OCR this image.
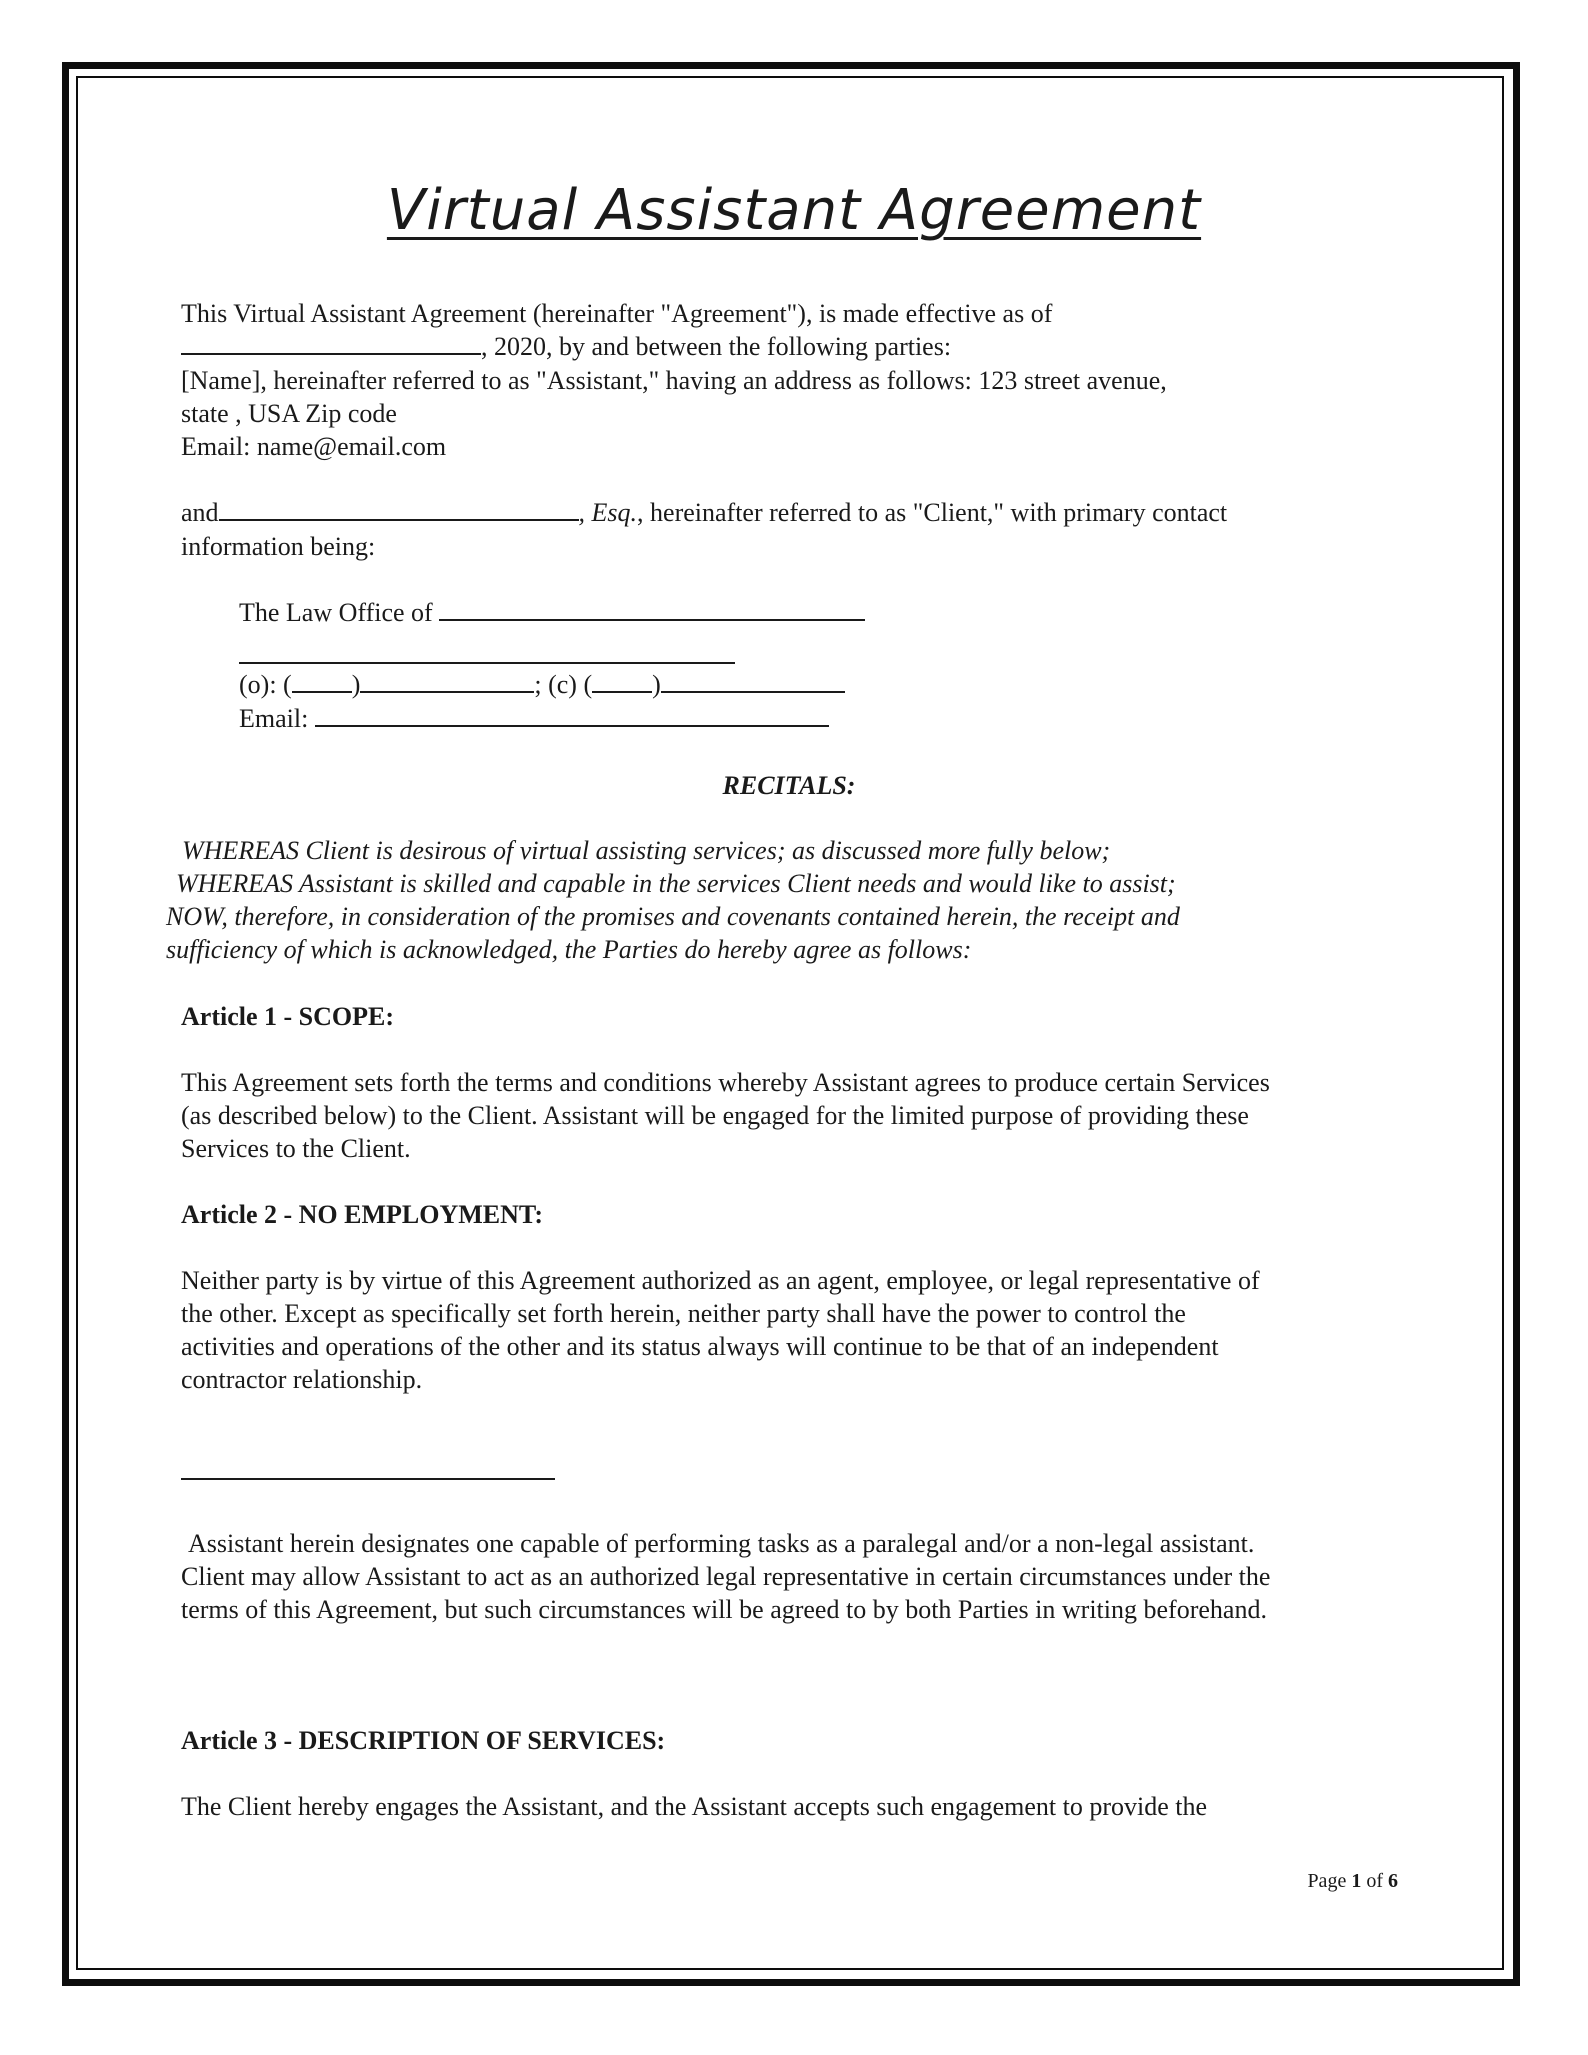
Virtual Assistant Agreement
This Virtual Assistant Agreement (hereinafter "Agreement"), is made effective as of
, 2020, by and between the following parties:
[Name], hereinafter referred to as "Assistant," having an address as follows: 123 street avenue,
state , USA Zip code
Email: name@email.com
and	, Esq., hereinafter referred to as "Client," with primary contact
information being:
The Law Office of
(o): ( )	; (c) ( )
Email:
RECITALS:
WHEREAS Client is desirous of virtual assisting services; as discussed more fully below;
WHEREAS Assistant is skilled and capable in the services Client needs and would like to assist;
NOW, therefore, in consideration of the promises and covenants contained herein, the receipt and
sufficiency of which is acknowledged, the Parties do hereby agree as follows:
Article 1 - SCOPE:
This Agreement sets forth the terms and conditions whereby Assistant agrees to produce certain Services
(as described below) to the Client. Assistant will be engaged for the limited purpose of providing these
Services to the Client.
Article 2 - NO EMPLOYMENT:
Neither party is by virtue of this Agreement authorized as an agent, employee, or legal representative of
the other. Except as specifically set forth herein, neither party shall have the power to control the
activities and operations of the other and its status always will continue to be that of an independent
contractor relationship.
Assistant herein designates one capable of performing tasks as a paralegal and/or a non-legal assistant.
Client may allow Assistant to act as an authorized legal representative in certain circumstances under the
terms of this Agreement, but such circumstances will be agreed to by both Parties in writing beforehand.
Article 3 - DESCRIPTION OF SERVICES:
The Client hereby engages the Assistant, and the Assistant accepts such engagement to provide the
Page 1 of 6
